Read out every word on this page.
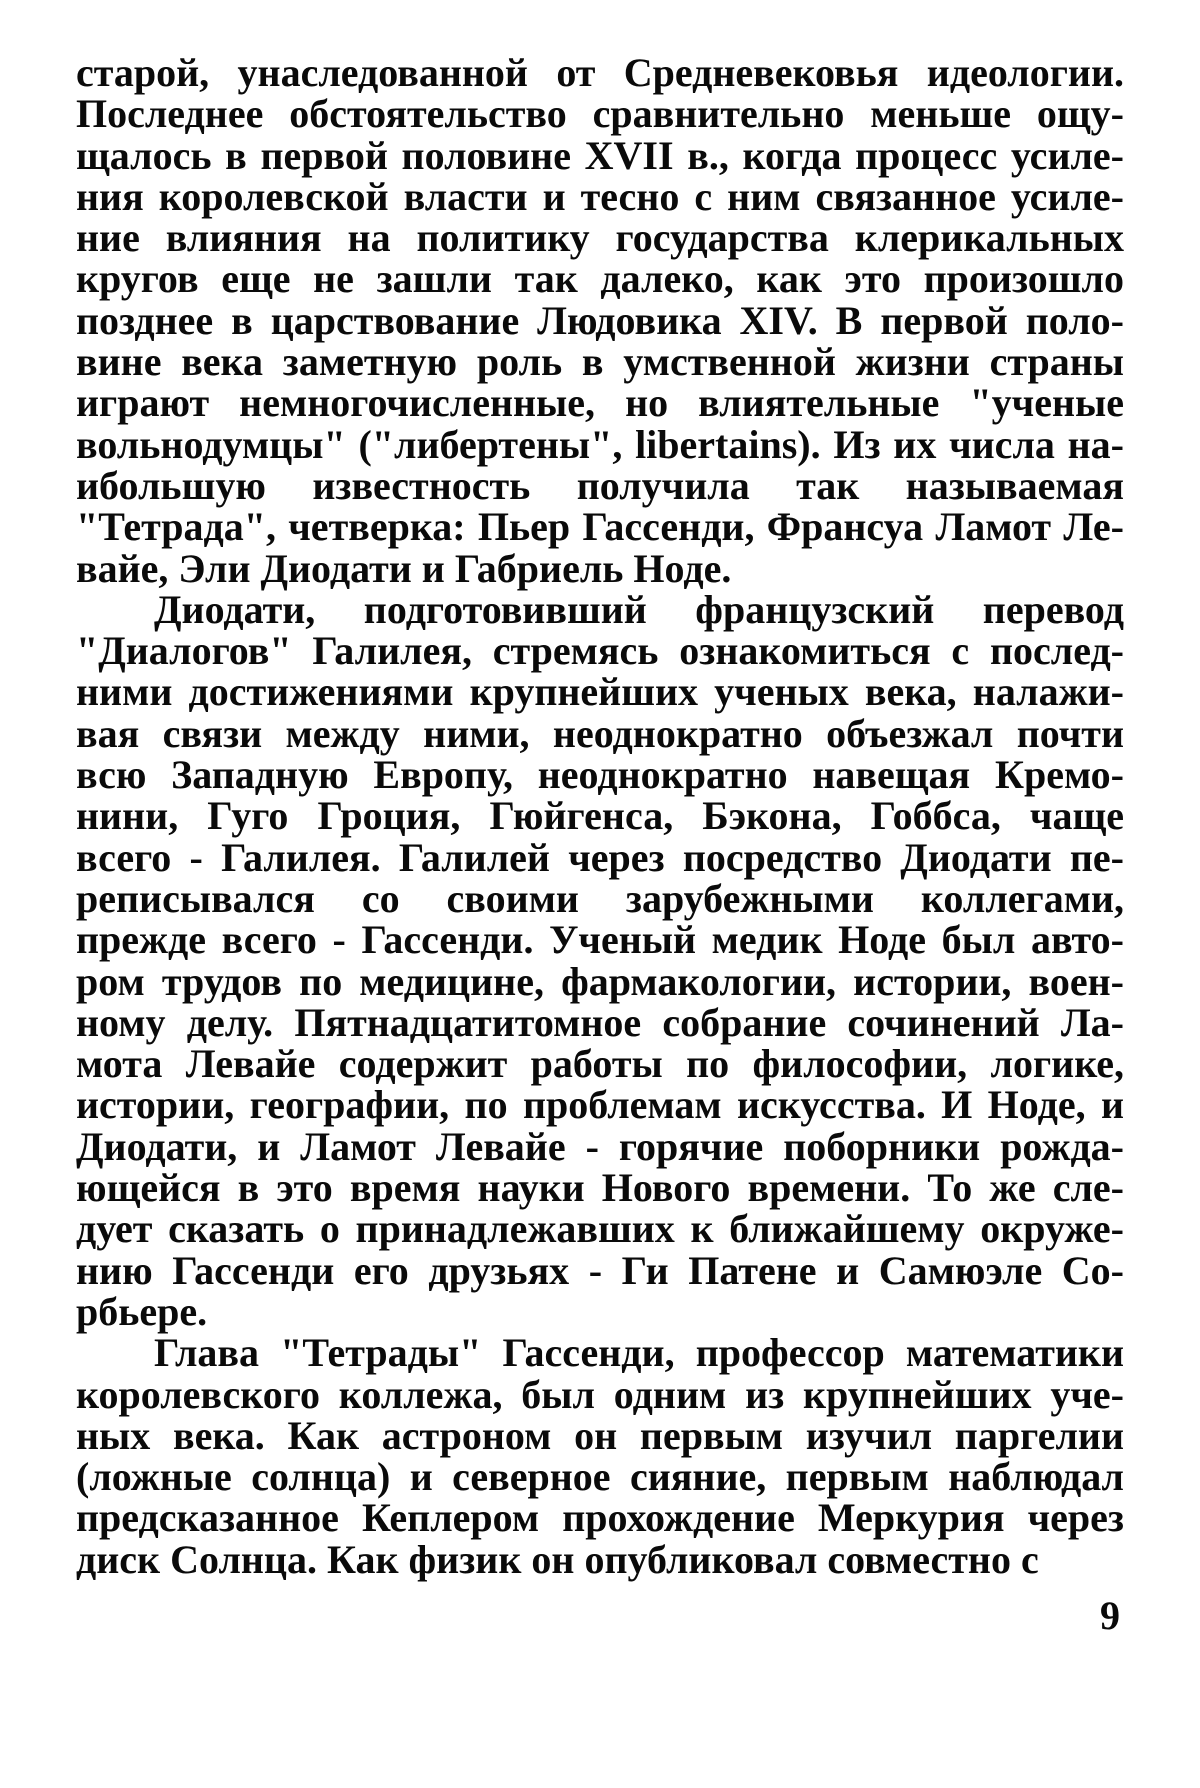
старой, унаследованной от Средневековья идеологии.
Последнее обстоятельство сравнительно меньше ощу-
щалось в первой половине XVII в., когда процесс усиле-
ния королевской власти и тесно с ним связанное усиле-
ние влияния на политику государства клерикальных
кругов еще не зашли так далеко, как это произошло
позднее в царствование Людовика XIV. В первой поло-
вине века заметную роль в умственной жизни страны
играют немногочисленные, но влиятельные "ученые
вольнодумцы" ("либертены", libertains). Из их числа на-
ибольшую известность получила так называемая
"Тетрада", четверка: Пьер Гассенди, Франсуа Ламот Ле-
вайе, Эли Диодати и Габриель Ноде.
Диодати, подготовивший французский перевод
"Диалогов" Галилея, стремясь ознакомиться с послед-
ними достижениями крупнейших ученых века, налажи-
вая связи между ними, неоднократно объезжал почти
всю Западную Европу, неоднократно навещая Кремо-
нини, Гуго Гроция, Гюйгенса, Бэкона, Гоббса, чаще
всего - Галилея. Галилей через посредство Диодати пе-
реписывался со своими зарубежными коллегами,
прежде всего - Гассенди. Ученый медик Ноде был авто-
ром трудов по медицине, фармакологии, истории, воен-
ному делу. Пятнадцатитомное собрание сочинений Ла-
мота Левайе содержит работы по философии, логике,
истории, географии, по проблемам искусства. И Ноде, и
Диодати, и Ламот Левайе - горячие поборники рожда-
ющейся в это время науки Нового времени. То же сле-
дует сказать о принадлежавших к ближайшему окруже-
нию Гассенди его друзьях - Ги Патене и Самюэле Со-
рбьере.
Глава "Тетрады" Гассенди, профессор математики
королевского коллежа, был одним из крупнейших уче-
ных века. Как астроном он первым изучил паргелии
(ложные солнца) и северное сияние, первым наблюдал
предсказанное Кеплером прохождение Меркурия через
диск Солнца. Как физик он опубликовал совместно с
9
